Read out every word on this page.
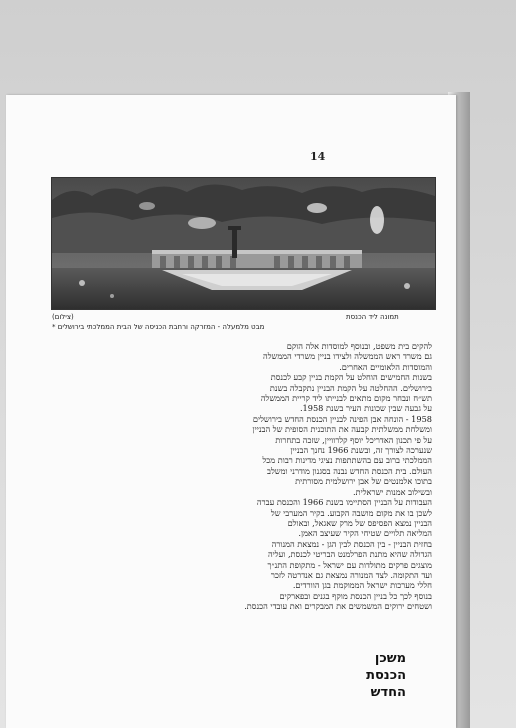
14
תמונה ליד הכנסת
(צילום)
* מבט מלמעלה - המזרקה ורחבת הכניסה של הבית הממלכתי בירושלים
להקים בית משפט, ובנוסף למוסדות אלה הוקם
גם משרד ראש הממשלה ולצידו בניין משרדי הממשלה
והמוסדות הלאומיים האחרים.
בשנות החמישים הוחלט על הקמת בניין קבע לכנסת
בירושלים. ההחלטה על הקמת הבניין נתקבלה בשנת
תש״ח ונבחר מקום מתאים לבנייתו ליד קריית הממשלה
על גבעה שבין שכונות העיר בשנת 1958.
1958 - הונחה אבן הפינה לבניין הכנסת החדש בירושלים
ומשלחת ממשלתית קבעה את התוכנית הסופית של הבניין
על פי תכנון האדריכל יוסף קלרוויין, שזכה בתחרות
שנערכה לצורך זה, ובשנת 1966 נחנך הבניין
הממלכתי ברוב עם בהשתתפות נציגי מדינות רבות מכל
העולם. בית הכנסת החדש נבנה בסגנון מודרני ומשלב
בתוכו אלמנטים של אבן ירושלמית מסורתית
ובשילוב אמנות ישראלית.
העבודות על הבניין הסתיימו בשנת 1966 והכנסת עברה
לשכן בו את מקום מושבה הקבוע. בקיר המערבי של
הבניין נמצא הפסיפס של מרק שאגאל, ובאולם
המליאה תלויים שטיחי הקיר שעיצב האמן.
בחזית הבניין - בין הכנסת לבין הגן - נמצאת המנורה
הגדולה שהיא מתנת הפרלמנט הבריטי לכנסת, ועליה
מוצגים פרקים מתולדות עם ישראל - מתקופת התנ״ך
ועד התקומה. לצד המנורה נמצאת גם אנדרטה לזכר
חללי מערכות ישראל הממוקמת בגן הוורדים.
בנוסף לכך כל בניין הכנסת מוקף בגנים ובפארקים
ושטחים ירוקים המשמשים את המבקרים ואת עובדי הכנסת.
משכן
הכנסת
החדש
